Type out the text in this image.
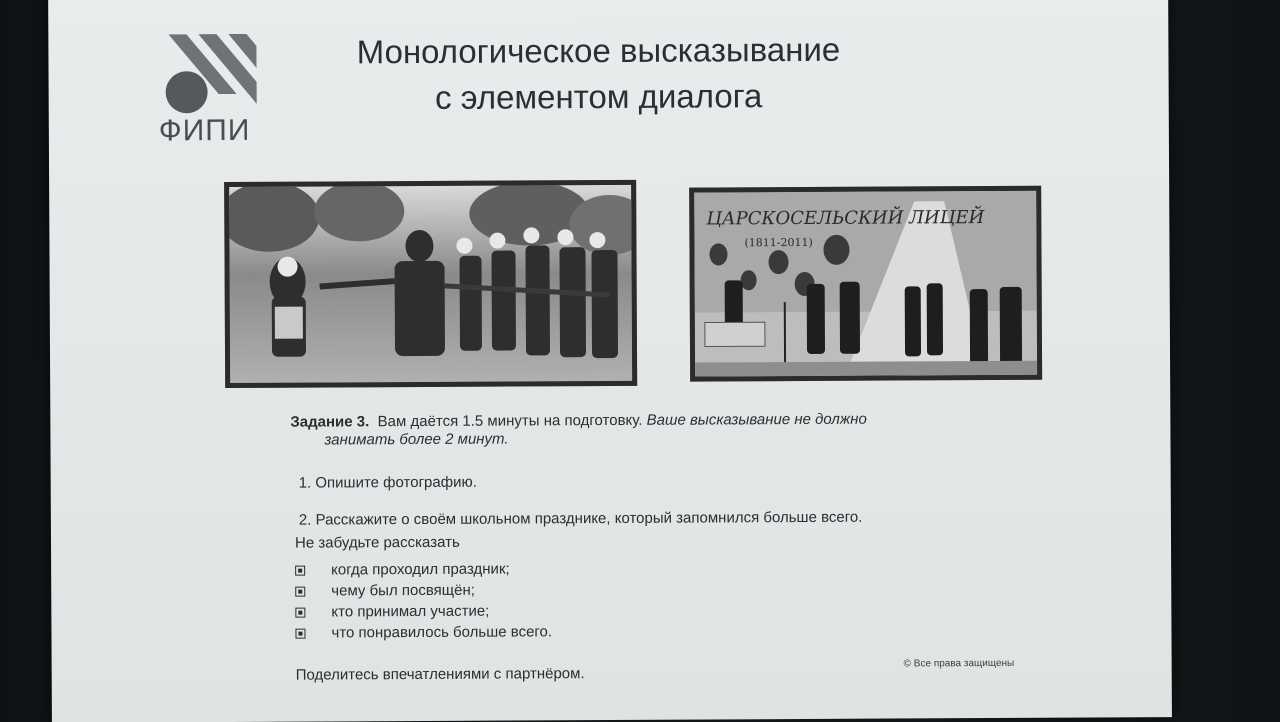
ФИПИ
Монологическое высказывание
с элементом диалога
ЦАРСКОСЕЛЬСКИЙ ЛИЦЕЙ
(1811-2011)
Задание 3. Вам даётся 1.5 минуты на подготовку. Ваше высказывание не должно
занимать более 2 минут.
1. Опишите фотографию.
2. Расскажите о своём школьном празднике, который запомнился больше всего.
Не забудьте рассказать
когда проходил праздник;
чему был посвящён;
кто принимал участие;
что понравилось больше всего.
Поделитесь впечатлениями с партнёром.
© Все права защищены
